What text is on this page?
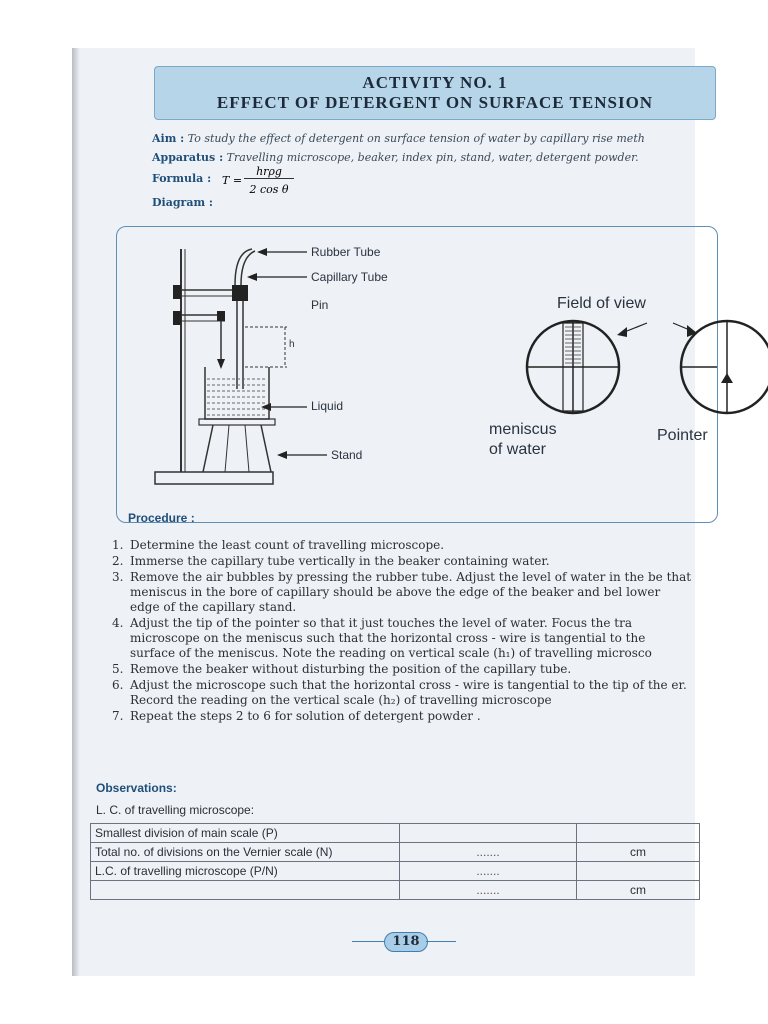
ACTIVITY NO. 1
EFFECT OF DETERGENT ON SURFACE TENSION
Aim : To study the effect of detergent on surface tension of water by capillary rise meth
Apparatus : Travelling microscope, beaker, index pin, stand, water, detergent powder.
Formula : T =
hrρg
2 cos θ
Diagram :
Rubber Tube
Capillary Tube
Pin
h
Liquid
Stand
Field of view
meniscus
of water
Pointer
Procedure :
1. Determine the least count of travelling microscope.
2. Immerse the capillary tube vertically in the beaker containing water.
3. Remove the air bubbles by pressing the rubber tube. Adjust the level of water in the be that meniscus in the bore of capillary should be above the edge of the beaker and bel lower edge of the capillary stand.
4. Adjust the tip of the pointer so that it just touches the level of water. Focus the tra microscope on the meniscus such that the horizontal cross - wire is tangential to the surface of the meniscus. Note the reading on vertical scale (h₁) of travelling microsco
5. Remove the beaker without disturbing the position of the capillary tube.
6. Adjust the microscope such that the horizontal cross - wire is tangential to the tip of the er. Record the reading on the vertical scale (h₂) of travelling microscope
7. Repeat the steps 2 to 6 for solution of detergent powder .
Observations:
L. C. of travelling microscope:
Smallest division of main scale (P)		
Total no. of divisions on the Vernier scale (N)	.......	cm
L.C. of travelling microscope (P/N)	.......	
	.......	cm
118
